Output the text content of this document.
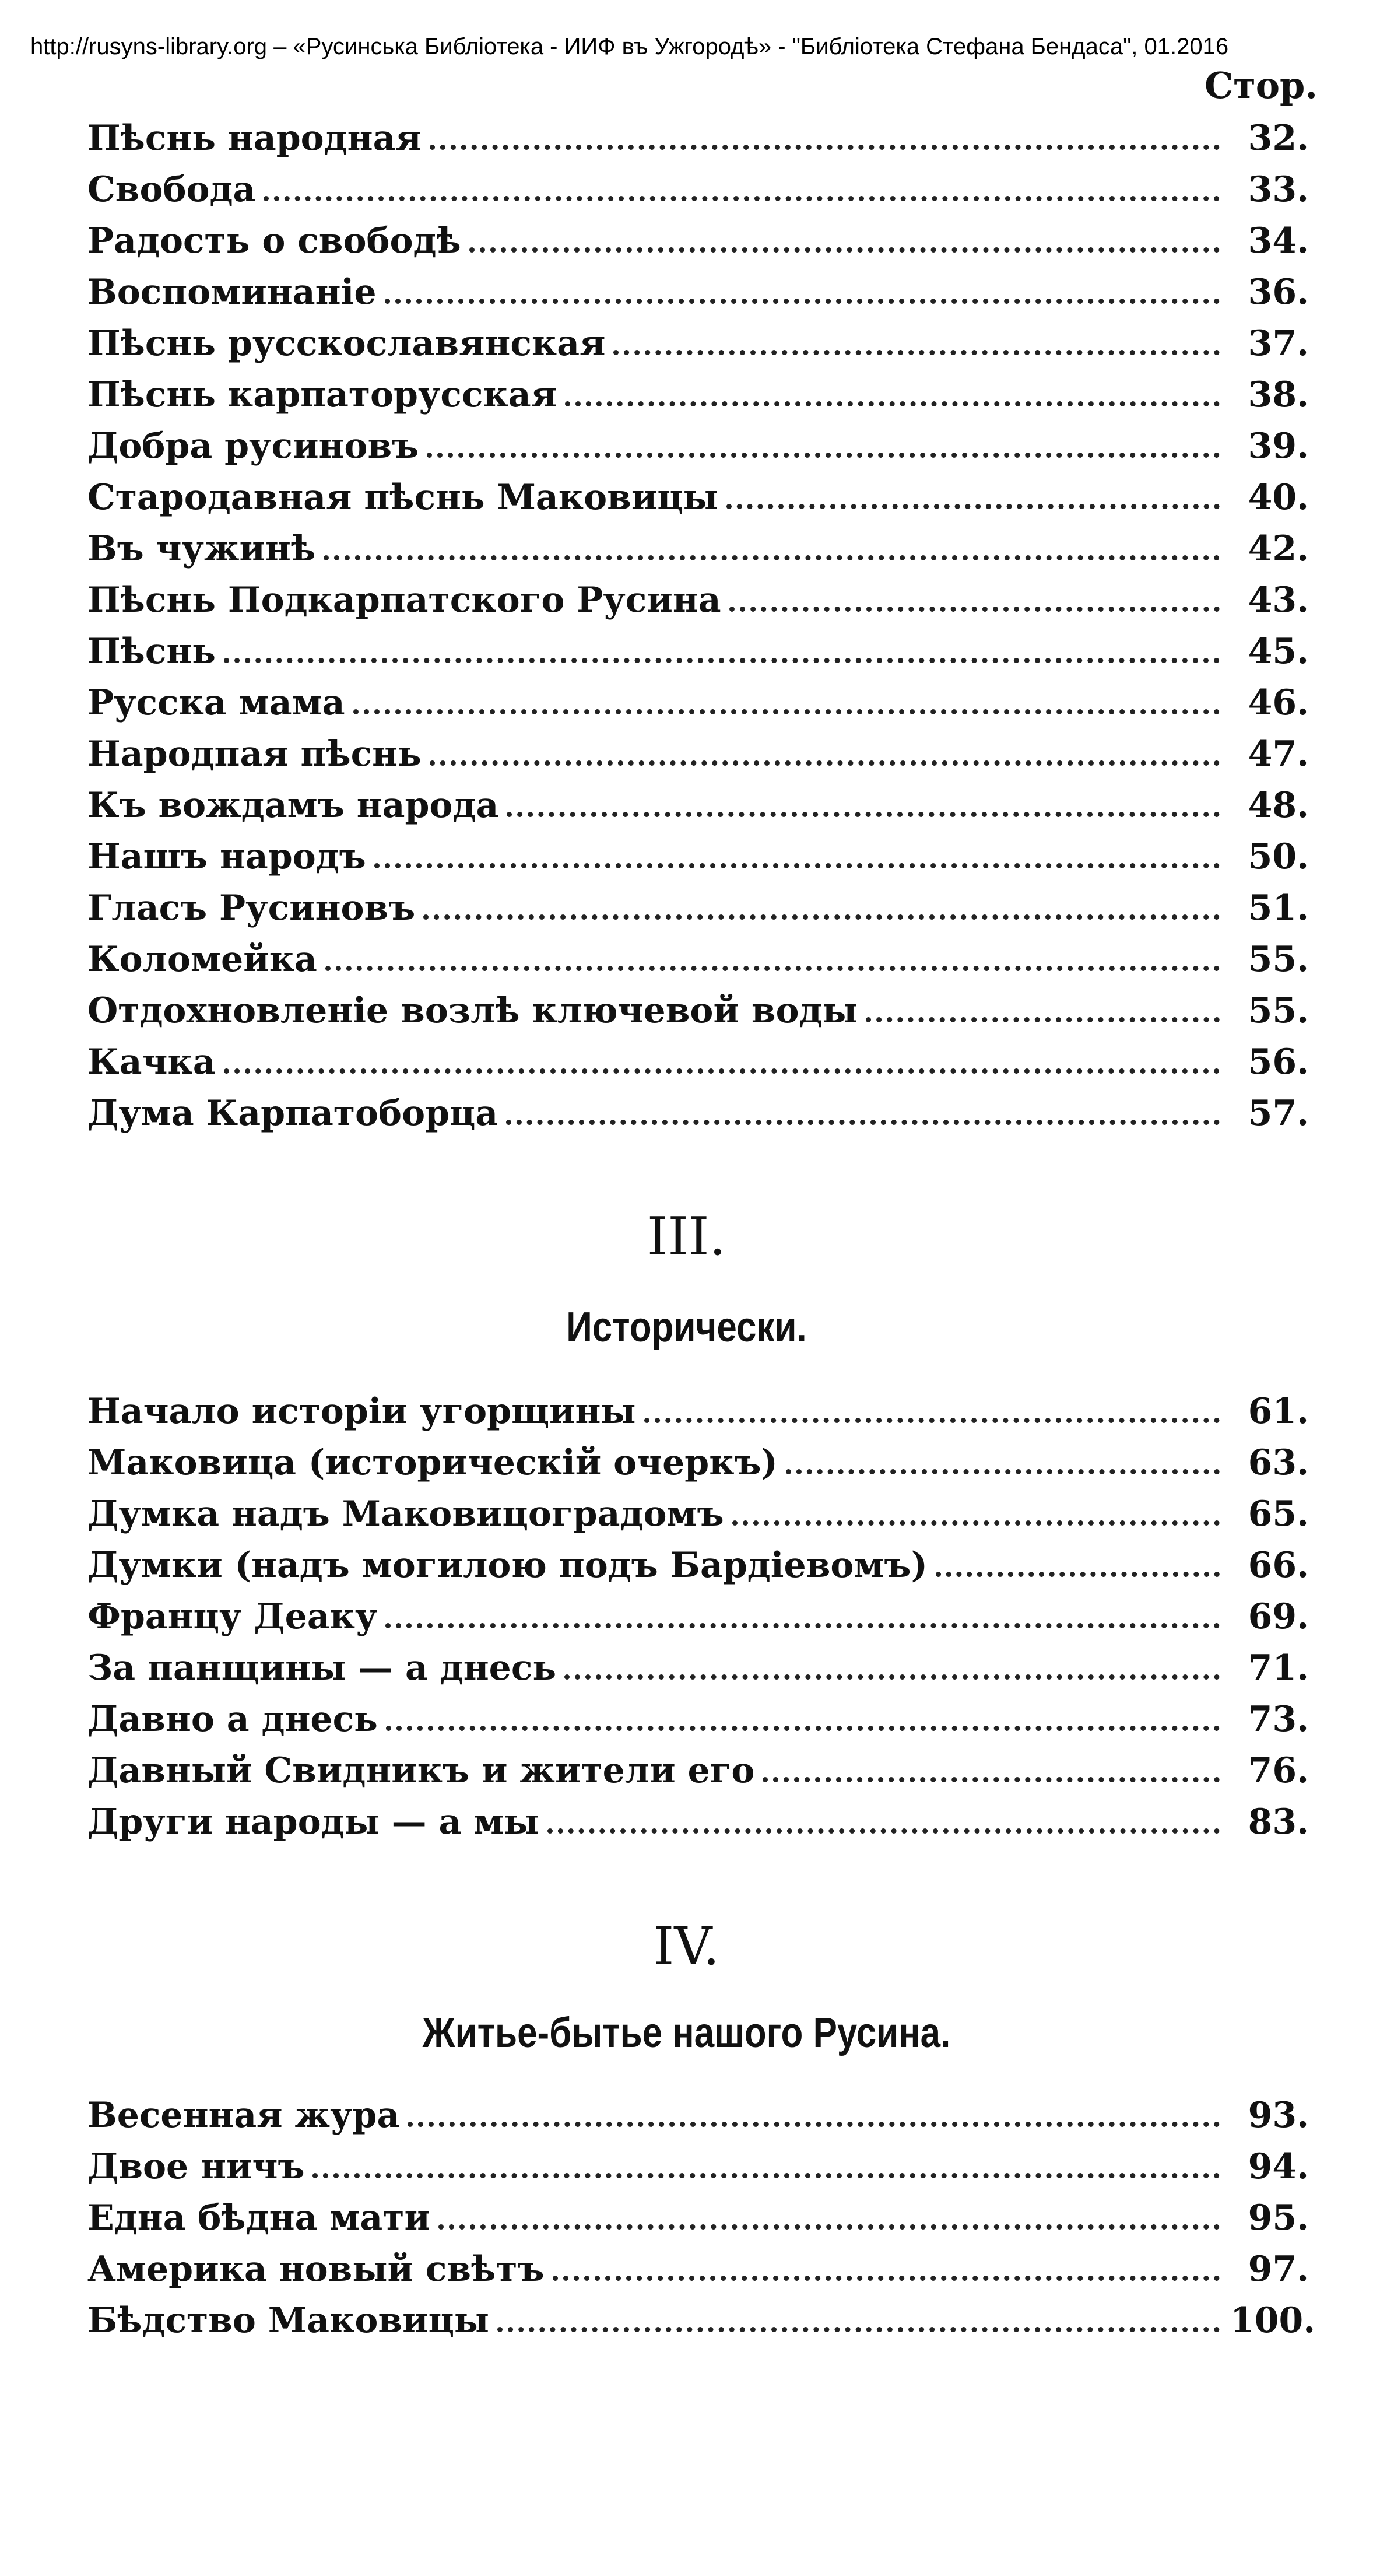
http://rusyns-library.org – «Русинська Библіотека - ИИФ въ Ужгородѣ» - "Библіотека Стефана Бендаса", 01.2016
Стор.
Пѣснь народная	32.
Свобода	33.
Радость о свободѣ	34.
Воспоминаніе	36.
Пѣснь русскославянская	37.
Пѣснь карпаторусская	38.
Добра русиновъ	39.
Стародавная пѣснь Маковицы	40.
Въ чужинѣ	42.
Пѣснь Подкарпатского Русина	43.
Пѣснь	45.
Русска мама	46.
Народпая пѣснь	47.
Къ вождамъ народа	48.
Нашъ народъ	50.
Гласъ Русиновъ	51.
Коломейка	55.
Отдохновленіе возлѣ ключевой воды	55.
Качка	56.
Дума Карпатоборца	57.
III.
Исторически.
Начало исторіи угорщины	61.
Маковица (историческій очеркъ)	63.
Думка надъ Маковицоградомъ	65.
Думки (надъ могилою подъ Бардіевомъ)	66.
Францу Деаку	69.
За панщины — а днесь	71.
Давно а днесь	73.
Давный Свидникъ и жители его	76.
Други народы — а мы	83.
IV.
Житье-бытье нашого Русина.
Весенная жура	93.
Двое ничъ	94.
Една бѣдна мати	95.
Америка новый свѣтъ	97.
Бѣдство Маковицы	100.
